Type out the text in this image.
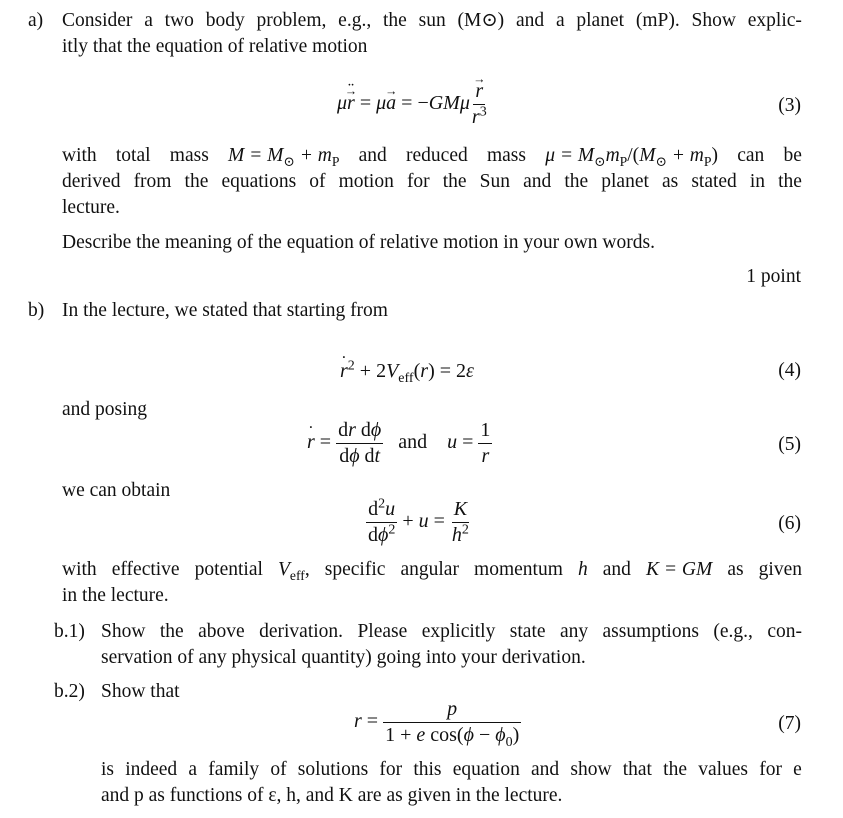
a) Consider a two body problem, e.g., the sun (M⊙) and a planet (mP). Show explic-
itly that the equation of relative motion
μ¨ r → = μa → = $-GM\mu \frac{r \to}{r^3}$	(3)
with total mass $M = M_⊙ + m_P$ and reduced mass $\mu = M_⊙m_P/(M_⊙ + m_P)$ can be
derived from the equations of motion for the Sun and the planet as stated in the
lecture.
Describe the meaning of the equation of relative motion in your own words.
1 point
b) In the lecture, we stated that starting from
˙ $r^2 + 2V_{eff}(r) = 2\varepsilon$	(4)
and posing
˙ $r = \frac{\text{dr dϕ}}{\text{dϕ dt}}$ and $u = \frac{1}{r}$	(5)
we can obtain
$\frac{d^2u}{d\phi^2} + u = \frac{K}{h^2}$	(6)
with effective potential $V_{eff}$, specific angular momentum h and K = GM as given
in the lecture.
b.1) Show the above derivation. Please explicitly state any assumptions (e.g., con-
servation of any physical quantity) going into your derivation.
b.2) Show that
$r = \frac{p}{1 + e \cos(\phi - \phi_0)}$	(7)
is indeed a family of solutions for this equation and show that the values for e
and p as functions of ε, h, and K are as given in the lecture.
